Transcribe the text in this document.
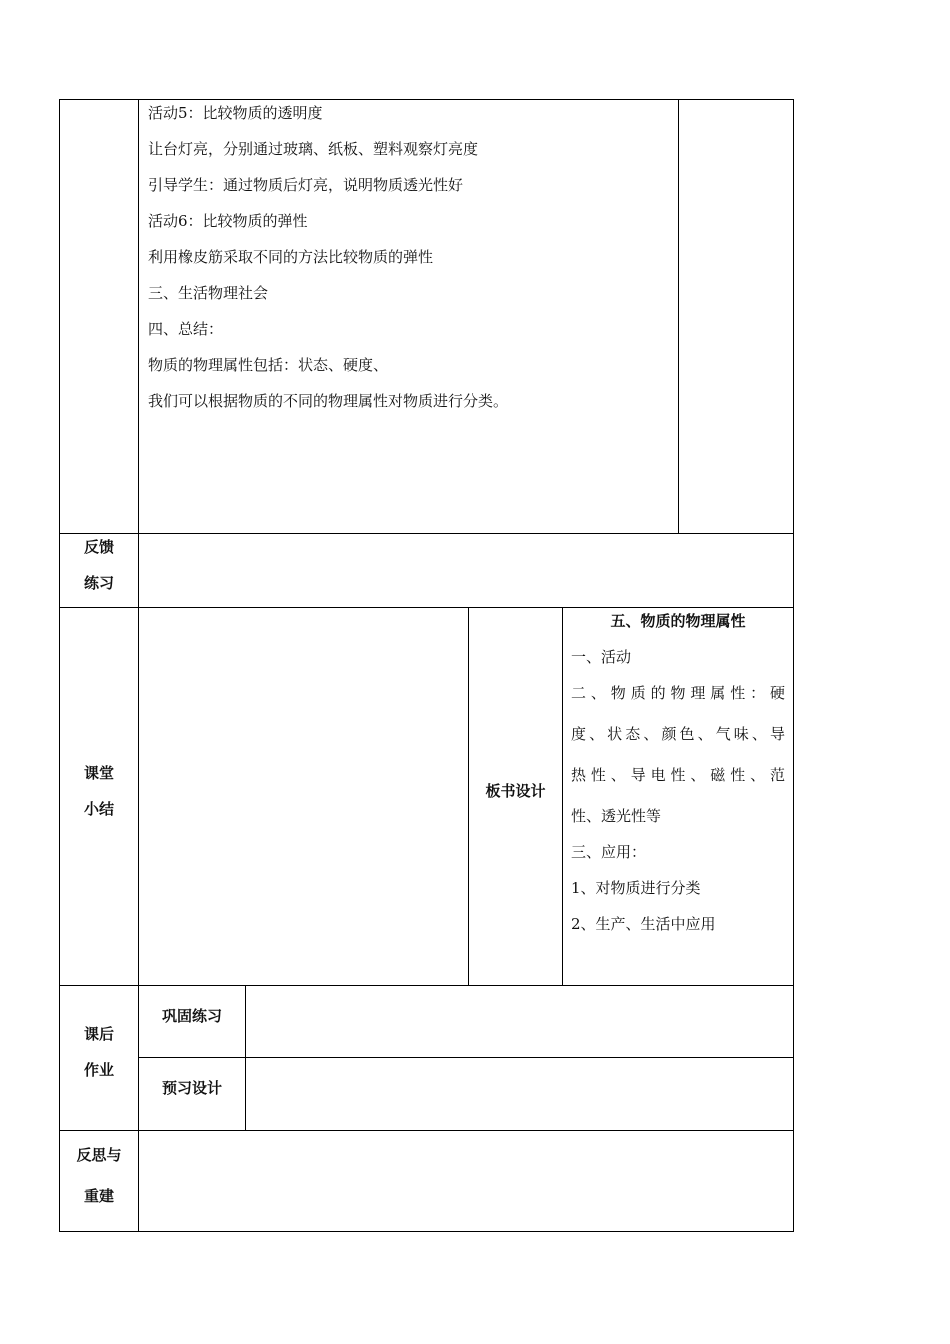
活动5：比较物质的透明度
让台灯亮，分别通过玻璃、纸板、塑料观察灯亮度
引导学生：通过物质后灯亮，说明物质透光性好
活动6：比较物质的弹性
利用橡皮筋采取不同的方法比较物质的弹性
三、生活物理社会
四、总结：
物质的物理属性包括：状态、硬度、
我们可以根据物质的不同的物理属性对物质进行分类。
反馈
练习
课堂
小结
板书设计
五、物质的物理属性
一、活动
二、物质的物理属性：硬
度、状态、颜色、气味、导
热性、导电性、磁性、范
性、透光性等
三、应用：
1、对物质进行分类
2、生产、生活中应用
课后
作业
巩固练习
预习设计
反思与
重建
